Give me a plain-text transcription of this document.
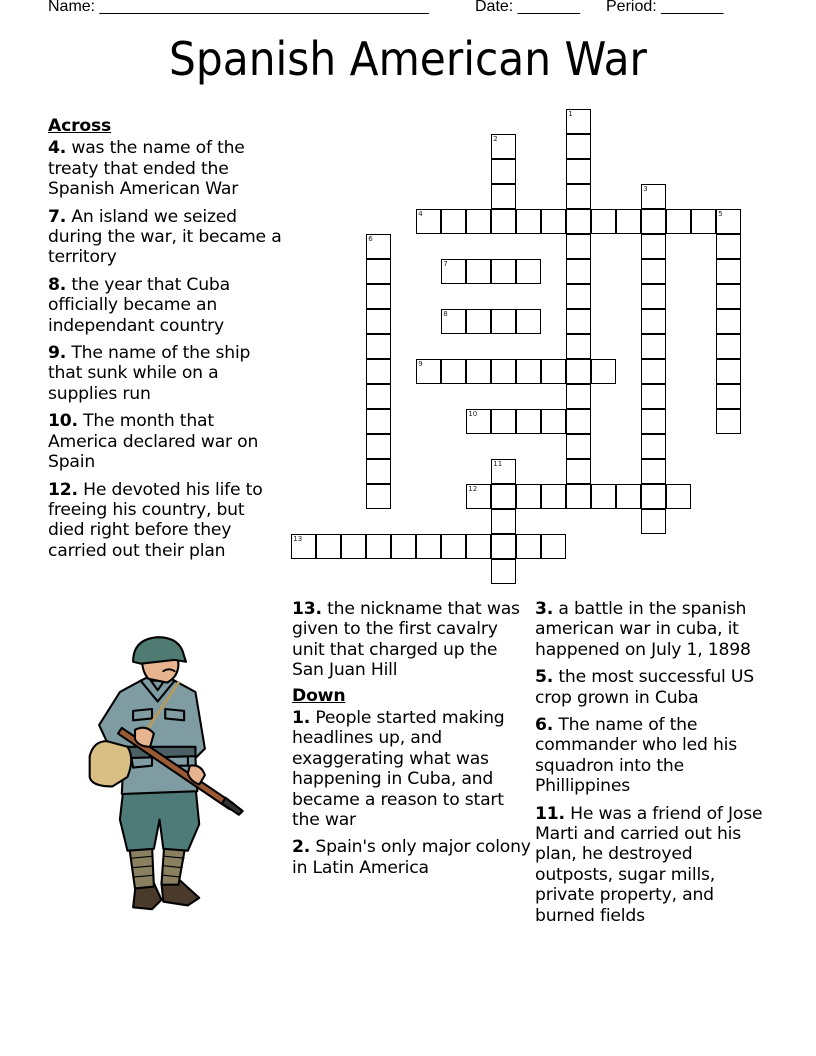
Name: _____________________________________

	Date: _______

Period: _______

Spanish American War
Across
4. was the name of the treaty that ended the Spanish American War
7. An island we seized during the war, it became a territory
8. the year that Cuba officially became an independant country
9. The name of the ship that sunk while on a supplies run
10. The month that America declared war on Spain
12. He devoted his life to freeing his country, but died right before they carried out their plan
13. the nickname that was given to the first cavalry unit that charged up the San Juan Hill
Down
1. People started making headlines up, and exaggerating what was happening in Cuba, and became a reason to start the war
2. Spain's only major colony in Latin America
3. a battle in the spanish american war in cuba, it happened on July 1, 1898
5. the most successful US crop grown in Cuba
6. The name of the commander who led his squadron into the Phillippines
11. He was a friend of Jose Marti and carried out his plan, he destroyed outposts, sugar mills, private property, and burned fields
1
2
3
4	5
6
7
8
9
10
11
12
13
